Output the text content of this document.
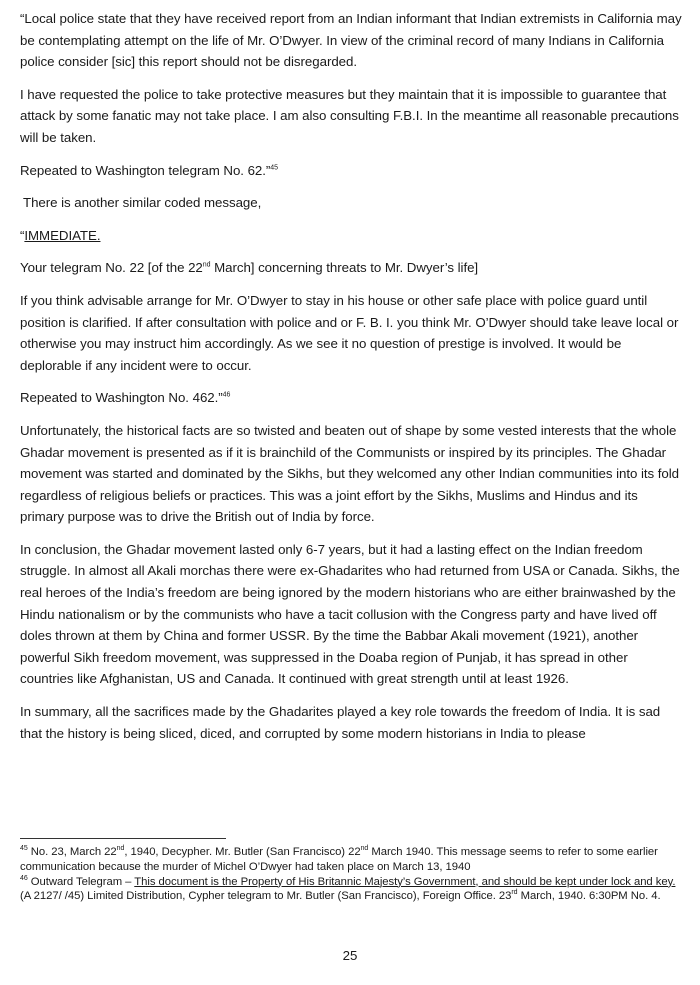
“Local police state that they have received report from an Indian informant that Indian extremists in California may be contemplating attempt on the life of Mr. O’Dwyer. In view of the criminal record of many Indians in California police consider [sic] this report should not be disregarded.

I have requested the police to take protective measures but they maintain that it is impossible to guarantee that attack by some fanatic may not take place. I am also consulting F.B.I. In the meantime all reasonable precautions will be taken.

Repeated to Washington telegram No. 62.”$^{45}$

There is another similar coded message,

“IMMEDIATE.

Your telegram No. 22 [of the 22nd March] concerning threats to Mr. Dwyer’s life]

If you think advisable arrange for Mr. O’Dwyer to stay in his house or other safe place with police guard until position is clarified. If after consultation with police and or F. B. I. you think Mr. O’Dwyer should take leave local or otherwise you may instruct him accordingly. As we see it no question of prestige is involved. It would be deplorable if any incident were to occur.

Repeated to Washington No. 462.”$^{46}$

Unfortunately, the historical facts are so twisted and beaten out of shape by some vested interests that the whole Ghadar movement is presented as if it is brainchild of the Communists or inspired by its principles. The Ghadar movement was started and dominated by the Sikhs, but they welcomed any other Indian communities into its fold regardless of religious beliefs or practices. This was a joint effort by the Sikhs, Muslims and Hindus and its primary purpose was to drive the British out of India by force.

In conclusion, the Ghadar movement lasted only 6-7 years, but it had a lasting effect on the Indian freedom struggle. In almost all Akali morchas there were ex-Ghadarites who had returned from USA or Canada. Sikhs, the real heroes of the India’s freedom are being ignored by the modern historians who are either brainwashed by the Hindu nationalism or by the communists who have a tacit collusion with the Congress party and have lived off doles thrown at them by China and former USSR. By the time the Babbar Akali movement (1921), another powerful Sikh freedom movement, was suppressed in the Doaba region of Punjab, it has spread in other countries like Afghanistan, US and Canada. It continued with great strength until at least 1926.

In summary, all the sacrifices made by the Ghadarites played a key role towards the freedom of India. It is sad that the history is being sliced, diced, and corrupted by some modern historians in India to please

$^{45}$ No. 23, March 22nd, 1940, Decypher. Mr. Butler (San Francisco) 22nd March 1940. This message seems to refer to some earlier communication because the murder of Michel O’Dwyer had taken place on March 13, 1940

$^{46}$ Outward Telegram – This document is the Property of His Britannic Majesty’s Government, and should be kept under lock and key. (A 2127/ /45) Limited Distribution, Cypher telegram to Mr. Butler (San Francisco), Foreign Office. 23rd March, 1940. 6:30PM No. 4.

25
